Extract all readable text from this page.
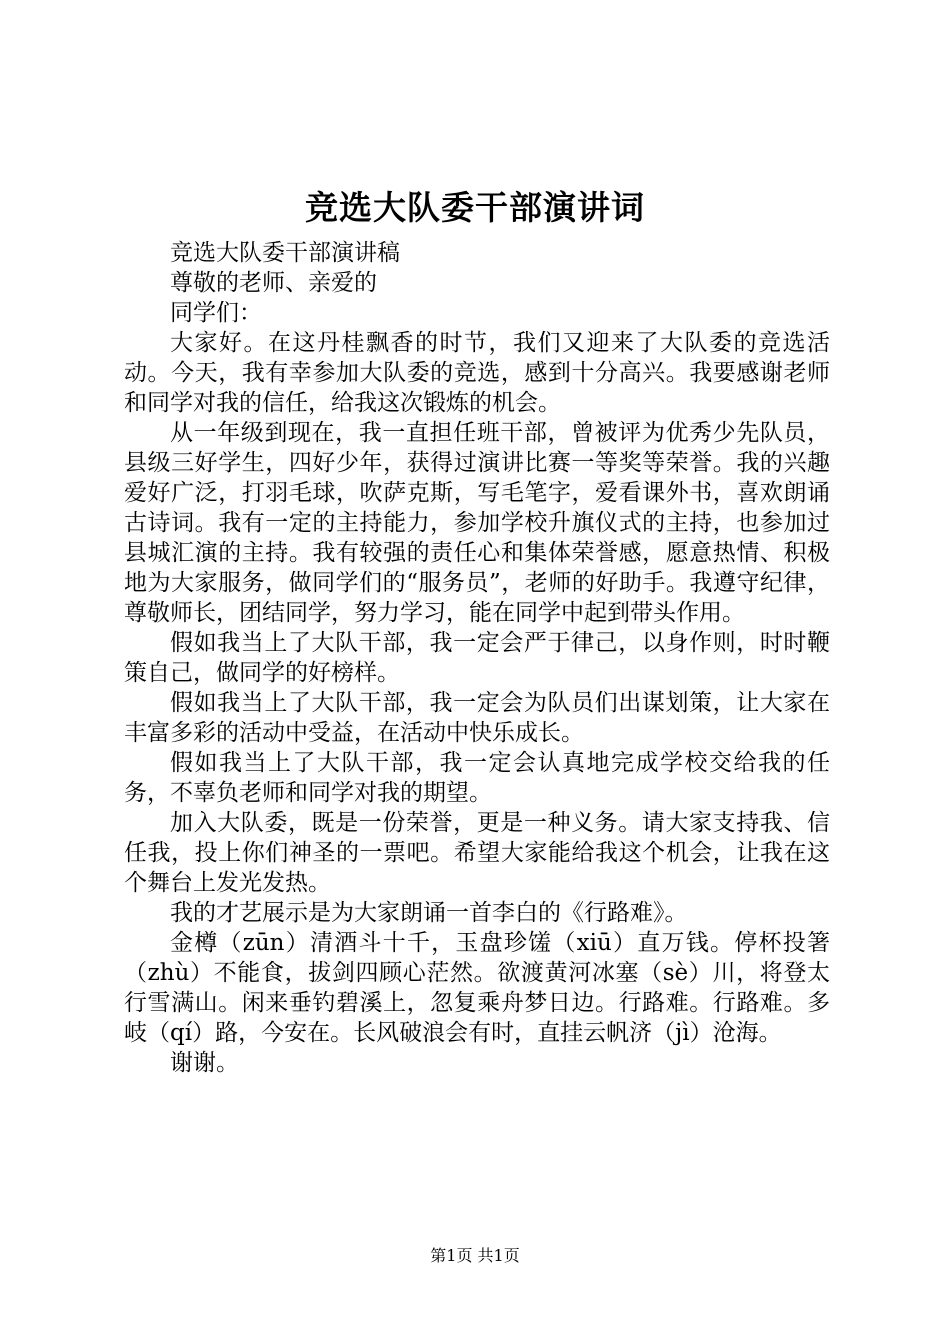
竞选大队委干部演讲词

竞选大队委干部演讲稿

尊敬的老师、亲爱的

同学们：

大家好。在这丹桂飘香的时节，我们又迎来了大队委的竞选活动。今天，我有幸参加大队委的竞选，感到十分高兴。我要感谢老师和同学对我的信任，给我这次锻炼的机会。

从一年级到现在，我一直担任班干部，曾被评为优秀少先队员，县级三好学生，四好少年，获得过演讲比赛一等奖等荣誉。我的兴趣爱好广泛，打羽毛球，吹萨克斯，写毛笔字，爱看课外书，喜欢朗诵古诗词。我有一定的主持能力，参加学校升旗仪式的主持，也参加过县城汇演的主持。我有较强的责任心和集体荣誉感，愿意热情、积极地为大家服务，做同学们的“服务员”，老师的好助手。我遵守纪律，尊敬师长，团结同学，努力学习，能在同学中起到带头作用。

假如我当上了大队干部，我一定会严于律己，以身作则，时时鞭策自己，做同学的好榜样。

假如我当上了大队干部，我一定会为队员们出谋划策，让大家在丰富多彩的活动中受益，在活动中快乐成长。

假如我当上了大队干部，我一定会认真地完成学校交给我的任务，不辜负老师和同学对我的期望。

加入大队委，既是一份荣誉，更是一种义务。请大家支持我、信任我，投上你们神圣的一票吧。希望大家能给我这个机会，让我在这个舞台上发光发热。

我的才艺展示是为大家朗诵一首李白的《行路难》。

金樽（zūn）清酒斗十千，玉盘珍馐（xiū）直万钱。停杯投箸（zhù）不能食，拔剑四顾心茫然。欲渡黄河冰塞（sè）川，将登太行雪满山。闲来垂钓碧溪上，忽复乘舟梦日边。行路难。行路难。多岐（qí）路，今安在。长风破浪会有时，直挂云帆济（jì）沧海。

谢谢。

第1页 共1页
